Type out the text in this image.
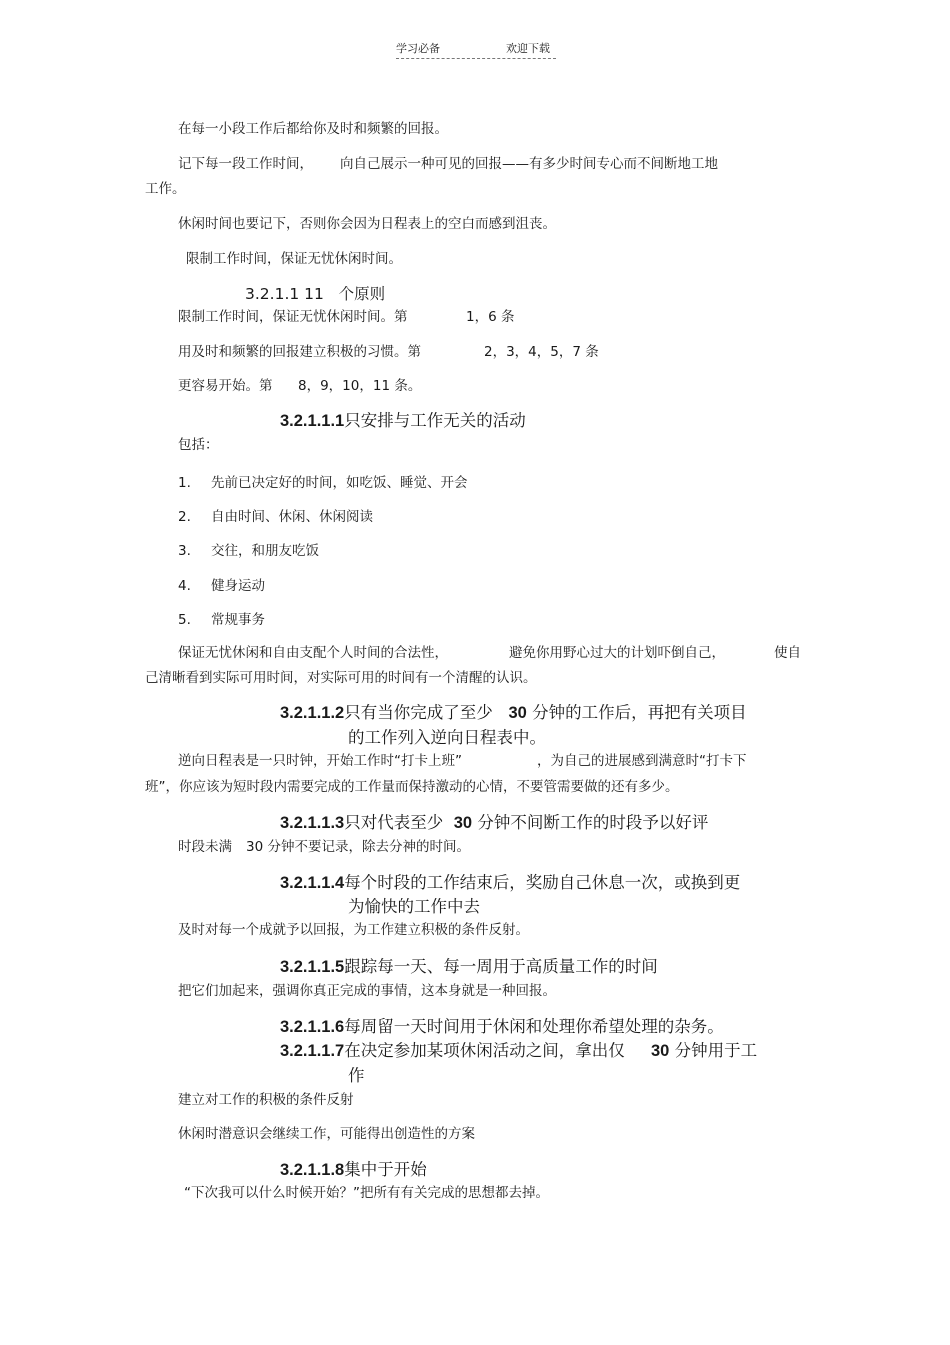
学习必备	欢迎下载
在每一小段工作后都给你及时和频繁的回报。
记下每一段工作时间， 向自己展示一种可见的回报——有多少时间专心而不间断地工地
工作。
休闲时间也要记下，否则你会因为日程表上的空白而感到沮丧。
限制工作时间，保证无忧休闲时间。
3.2.1.1 11 个原则
限制工作时间，保证无忧休闲时间。第	1，6 条
用及时和频繁的回报建立积极的习惯。第	2，3，4，5，7 条
更容易开始。第 8，9，10，11 条。
3.2.1.1.1只安排与工作无关的活动
包括：
1. 先前已决定好的时间，如吃饭、睡觉、开会
2. 自由时间、休闲、休闲阅读
3. 交往，和朋友吃饭
4. 健身运动
5. 常规事务
保证无忧休闲和自由支配个人时间的合法性，	避免你用野心过大的计划吓倒自己，	使自
己清晰看到实际可用时间，对实际可用的时间有一个清醒的认识。
3.2.1.1.2只有当你完成了至少 30 分钟的工作后，再把有关项目
的工作列入逆向日程表中。
逆向日程表是一只时钟，开始工作时“打卡上班”	，为自己的进展感到满意时“打卡下
班”，你应该为短时段内需要完成的工作量而保持激动的心情，不要管需要做的还有多少。
3.2.1.1.3只对代表至少 30 分钟不间断工作的时段予以好评
时段未满 30 分钟不要记录，除去分神的时间。
3.2.1.1.4每个时段的工作结束后，奖励自己休息一次，或换到更
为愉快的工作中去
及时对每一个成就予以回报，为工作建立积极的条件反射。
3.2.1.1.5跟踪每一天、每一周用于高质量工作的时间
把它们加起来，强调你真正完成的事情，这本身就是一种回报。
3.2.1.1.6每周留一天时间用于休闲和处理你希望处理的杂务。
3.2.1.1.7在决定参加某项休闲活动之间，拿出仅 30 分钟用于工
作
建立对工作的积极的条件反射
休闲时潜意识会继续工作，可能得出创造性的方案
3.2.1.1.8集中于开始
“下次我可以什么时候开始？”把所有有关完成的思想都去掉。
